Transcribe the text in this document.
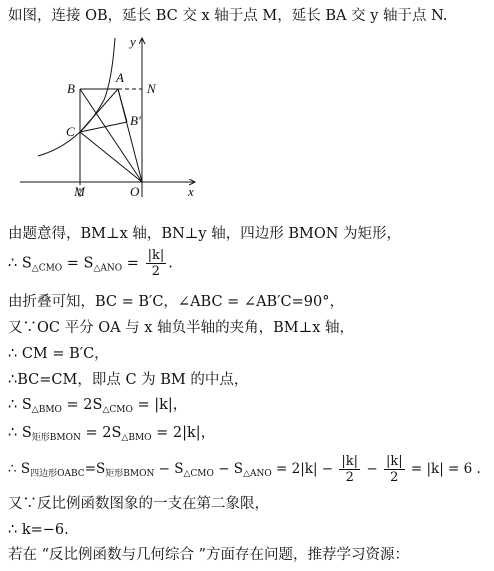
如图，连接 OB，延长 BC 交 x 轴于点 M，延长 BA 交 y 轴于点 N.
B
A
N
C
B′
M	O	x
y
由题意得，BM⊥x 轴，BN⊥y 轴，四边形 BMON 为矩形，
∴ $S_{\triangle CMO} = S_{\triangle ANO} = \frac{|k|}{2}$ .
由折叠可知，BC = B′C，∠ABC = ∠AB′C=90°，
又∵OC 平分 OA 与 x 轴负半轴的夹角，BM⊥x 轴，
∴ CM = B′C，
∴BC=CM，即点 C 为 BM 的中点，
∴ $S_{\triangle BMO} = 2S_{\triangle CMO} = |k|$，
∴ $S_{矩形BMON} = 2S_{\triangle BMO} = 2|k|$，
∴ $S_{四边形OABC}=S_{矩形BMON} - S_{\triangle CMO} - S_{\triangle ANO} = 2|k| - \frac{|k|}{2} - \frac{|k|}{2} = |k| = 6$ .
又∵反比例函数图象的一支在第二象限，
∴ k=−6.
若在 “反比例函数与几何综合 ”方面存在问题，推荐学习资源：
